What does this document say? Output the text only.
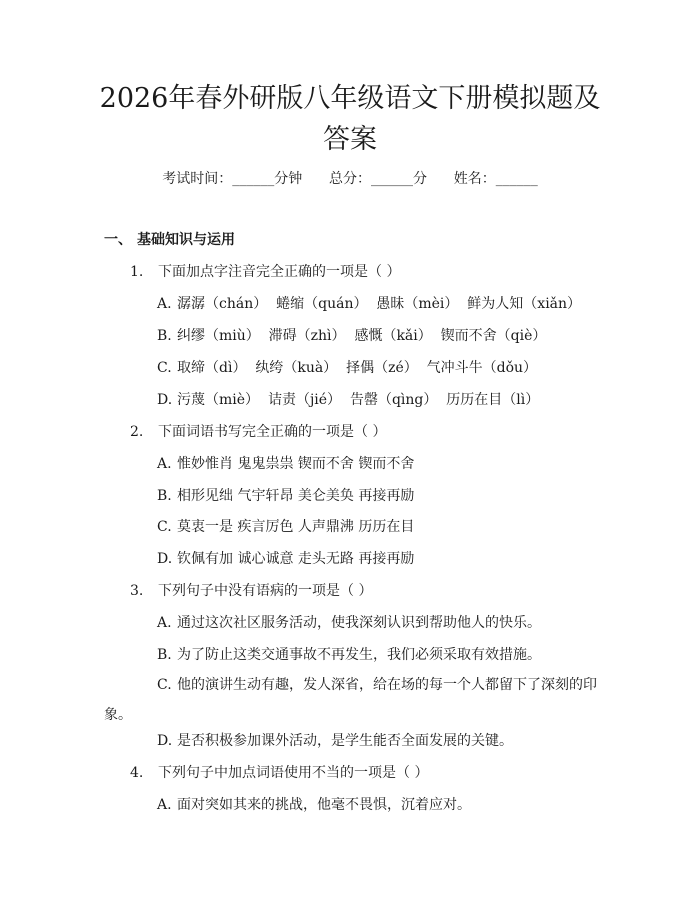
2026年春外研版八年级语文下册模拟题及答案
考试时间：______分钟      总分：______分      姓名：______
一、 基础知识与运用
1. 下面加点字注音完全正确的一项是（ ）
A. 潺潺（chán）  蜷缩（quán）  愚昧（mèi）  鲜为人知（xiǎn）
B. 纠缪（miù）  滞碍（zhì）  感慨（kǎi）  锲而不舍（qiè）
C. 取缔（dì）  纨绔（kuà）  择偶（zé）  气冲斗牛（dǒu）
D. 污蔑（miè）  诘责（jié）  告罄（qìng）  历历在目（lì）
2. 下面词语书写完全正确的一项是（ ）
A. 惟妙惟肖 鬼鬼祟祟 锲而不舍 锲而不舍
B. 相形见绌 气宇轩昂 美仑美奂 再接再励
C. 莫衷一是 疾言厉色 人声鼎沸 历历在目
D. 钦佩有加 诚心诚意 走头无路 再接再励
3. 下列句子中没有语病的一项是（ ）
A. 通过这次社区服务活动，使我深刻认识到帮助他人的快乐。
B. 为了防止这类交通事故不再发生，我们必须采取有效措施。

C. 他的演讲生动有趣，发人深省，给在场的每一个人都留下了深刻的印象。

D. 是否积极参加课外活动，是学生能否全面发展的关键。
4. 下列句子中加点词语使用不当的一项是（ ）
A. 面对突如其来的挑战，他毫不畏惧，沉着应对。
